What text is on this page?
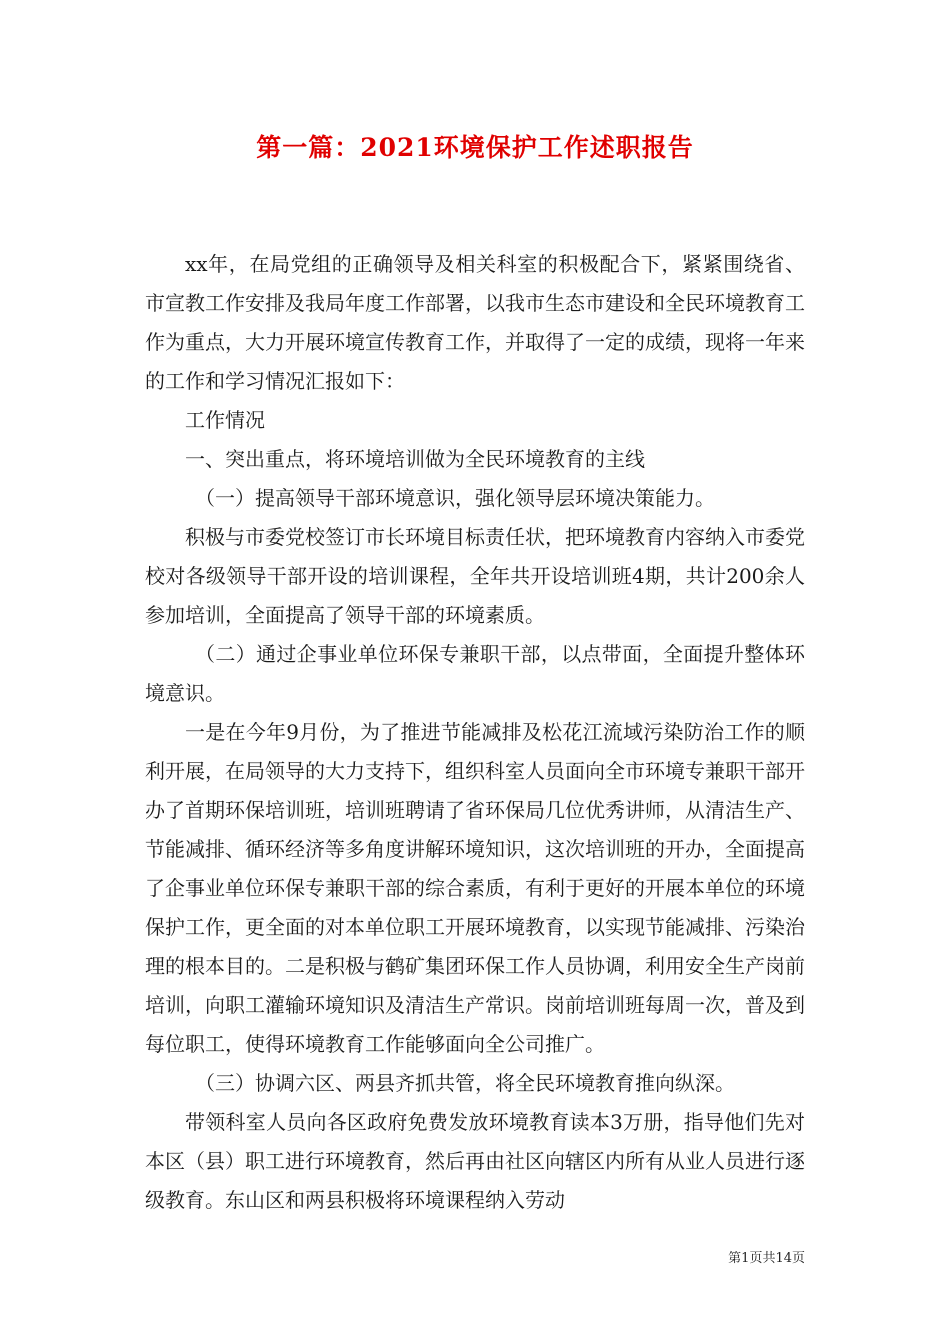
第一篇：2021环境保护工作述职报告

xx年，在局党组的正确领导及相关科室的积极配合下，紧紧围绕省、市宣教工作安排及我局年度工作部署，以我市生态市建设和全民环境教育工作为重点，大力开展环境宣传教育工作，并取得了一定的成绩，现将一年来的工作和学习情况汇报如下：

工作情况

一、突出重点，将环境培训做为全民环境教育的主线

（一）提高领导干部环境意识，强化领导层环境决策能力。

积极与市委党校签订市长环境目标责任状，把环境教育内容纳入市委党校对各级领导干部开设的培训课程，全年共开设培训班4期，共计200余人参加培训，全面提高了领导干部的环境素质。

（二）通过企事业单位环保专兼职干部，以点带面，全面提升整体环境意识。

一是在今年9月份，为了推进节能减排及松花江流域污染防治工作的顺利开展，在局领导的大力支持下，组织科室人员面向全市环境专兼职干部开办了首期环保培训班，培训班聘请了省环保局几位优秀讲师，从清洁生产、节能减排、循环经济等多角度讲解环境知识，这次培训班的开办，全面提高了企事业单位环保专兼职干部的综合素质，有利于更好的开展本单位的环境保护工作，更全面的对本单位职工开展环境教育，以实现节能减排、污染治理的根本目的。二是积极与鹤矿集团环保工作人员协调，利用安全生产岗前培训，向职工灌输环境知识及清洁生产常识。岗前培训班每周一次，普及到每位职工，使得环境教育工作能够面向全公司推广。

（三）协调六区、两县齐抓共管，将全民环境教育推向纵深。

带领科室人员向各区政府免费发放环境教育读本3万册，指导他们先对本区（县）职工进行环境教育，然后再由社区向辖区内所有从业人员进行逐级教育。东山区和两县积极将环境课程纳入劳动

第1页共14页
